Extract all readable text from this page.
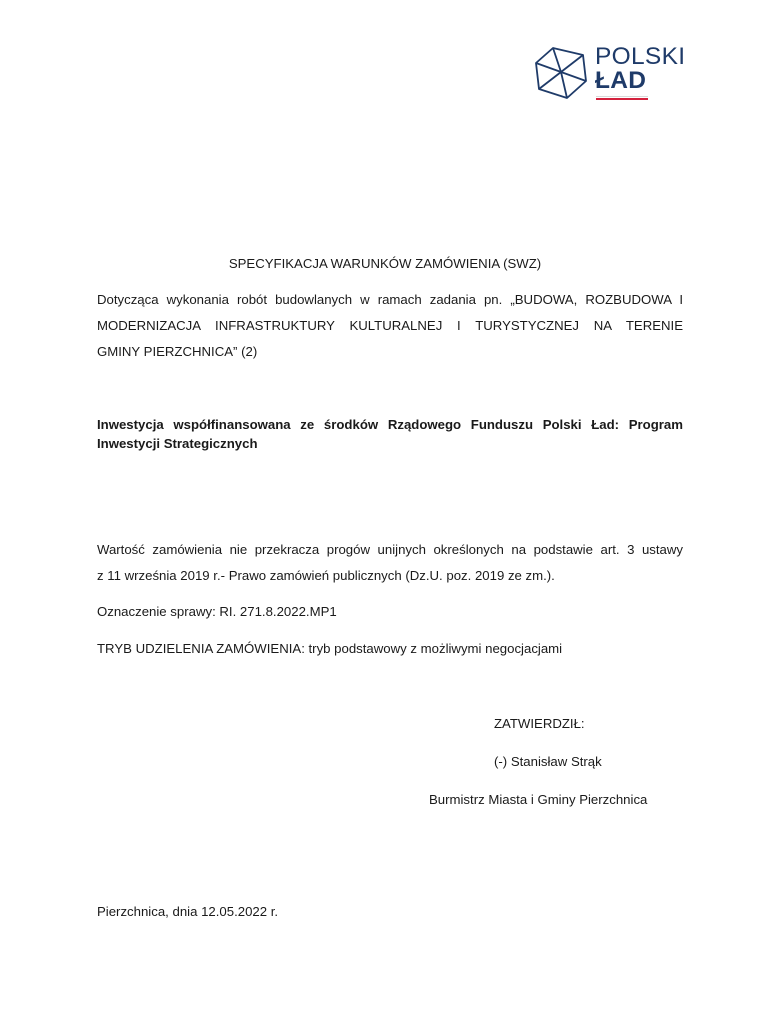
POLSKI
ŁAD
SPECYFIKACJA WARUNKÓW ZAMÓWIENIA (SWZ)
Dotycząca wykonania robót budowlanych w ramach zadania pn. „BUDOWA, ROZBUDOWA I
MODERNIZACJA INFRASTRUKTURY KULTURALNEJ I TURYSTYCZNEJ NA TERENIE
GMINY PIERZCHNICA” (2)
Inwestycja współfinansowana ze środków Rządowego Funduszu Polski Ład: Program
Inwestycji Strategicznych
Wartość zamówienia nie przekracza progów unijnych określonych na podstawie art. 3 ustawy
z 11 września 2019 r.- Prawo zamówień publicznych (Dz.U. poz. 2019 ze zm.).
Oznaczenie sprawy: RI. 271.8.2022.MP1
TRYB UDZIELENIA ZAMÓWIENIA: tryb podstawowy z możliwymi negocjacjami
ZATWIERDZIŁ:
(-) Stanisław Strąk
Burmistrz Miasta i Gminy Pierzchnica
Pierzchnica, dnia 12.05.2022 r.
